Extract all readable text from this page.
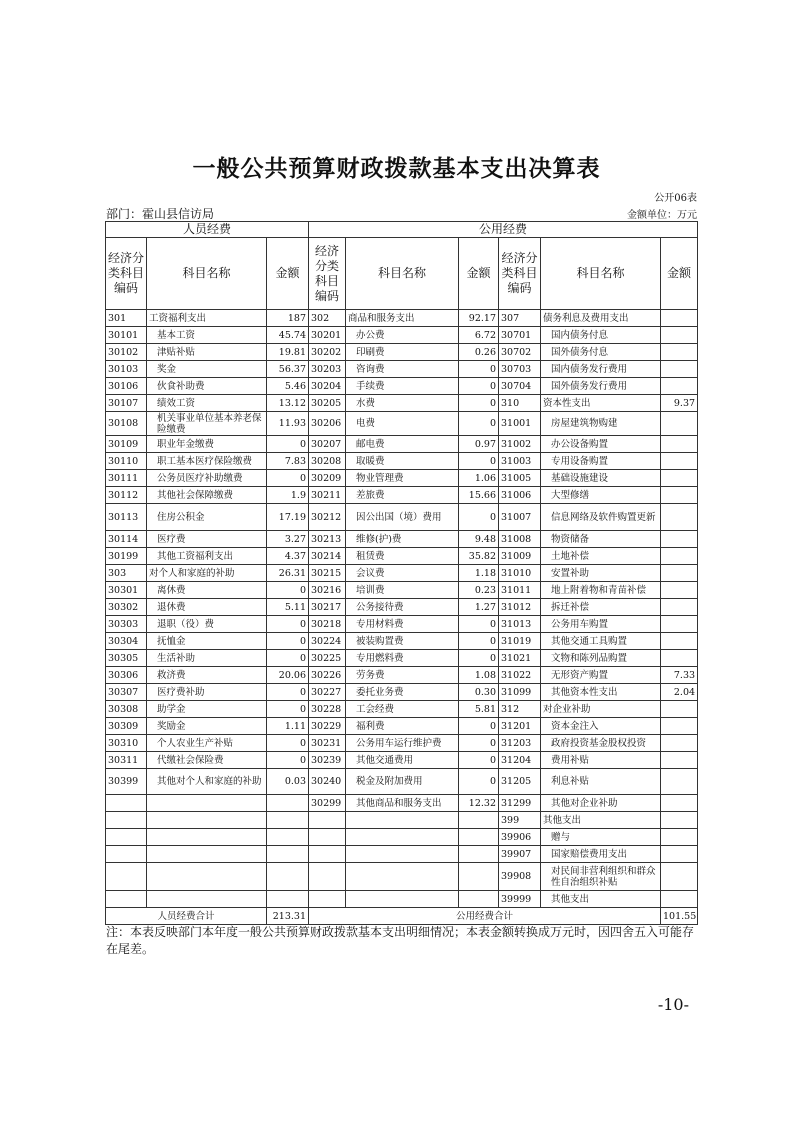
一般公共预算财政拨款基本支出决算表
公开06表
部门：霍山县信访局	金额单位：万元
人员经费			公用经费					
经济分类科目编码	科目名称	金额	经济分类科目编码	科目名称	金额	经济分类科目编码	科目名称	金额
301	工资福利支出	187	302	商品和服务支出	92.17	307	债务利息及费用支出	
30101	基本工资	45.74	30201	办公费	6.72	30701	国内债务付息	
30102	津贴补贴	19.81	30202	印刷费	0.26	30702	国外债务付息	
30103	奖金	56.37	30203	咨询费	0	30703	国内债务发行费用	
30106	伙食补助费	5.46	30204	手续费	0	30704	国外债务发行费用	
30107	绩效工资	13.12	30205	水费	0	310	资本性支出	9.37
30108	机关事业单位基本养老保险缴费	11.93	30206	电费	0	31001	房屋建筑物购建	
30109	职业年金缴费	0	30207	邮电费	0.97	31002	办公设备购置	
30110	职工基本医疗保险缴费	7.83	30208	取暖费	0	31003	专用设备购置	
30111	公务员医疗补助缴费	0	30209	物业管理费	1.06	31005	基础设施建设	
30112	其他社会保障缴费	1.9	30211	差旅费	15.66	31006	大型修缮	
30113	住房公积金	17.19	30212	因公出国（境）费用	0	31007	信息网络及软件购置更新	
30114	医疗费	3.27	30213	维修(护)费	9.48	31008	物资储备	
30199	其他工资福利支出	4.37	30214	租赁费	35.82	31009	土地补偿	
303	对个人和家庭的补助	26.31	30215	会议费	1.18	31010	安置补助	
30301	离休费	0	30216	培训费	0.23	31011	地上附着物和青苗补偿	
30302	退休费	5.11	30217	公务接待费	1.27	31012	拆迁补偿	
30303	退职（役）费	0	30218	专用材料费	0	31013	公务用车购置	
30304	抚恤金	0	30224	被装购置费	0	31019	其他交通工具购置	
30305	生活补助	0	30225	专用燃料费	0	31021	文物和陈列品购置	
30306	救济费	20.06	30226	劳务费	1.08	31022	无形资产购置	7.33
30307	医疗费补助	0	30227	委托业务费	0.30	31099	其他资本性支出	2.04
30308	助学金	0	30228	工会经费	5.81	312	对企业补助	
30309	奖励金	1.11	30229	福利费	0	31201	资本金注入	
30310	个人农业生产补贴	0	30231	公务用车运行维护费	0	31203	政府投资基金股权投资	
30311	代缴社会保险费	0	30239	其他交通费用	0	31204	费用补贴	
30399	其他对个人和家庭的补助	0.03	30240	税金及附加费用	0	31205	利息补贴	
			30299	其他商品和服务支出	12.32	31299	其他对企业补助	
						399	其他支出	
						39906	赠与	
						39907	国家赔偿费用支出	
						39908	对民间非营利组织和群众性自治组织补贴	
						39999	其他支出	
人员经费合计		213.31	公用经费合计					101.55
注：本表反映部门本年度一般公共预算财政拨款基本支出明细情况；本表金额转换成万元时，因四舍五入可能存在尾差。
-10-
